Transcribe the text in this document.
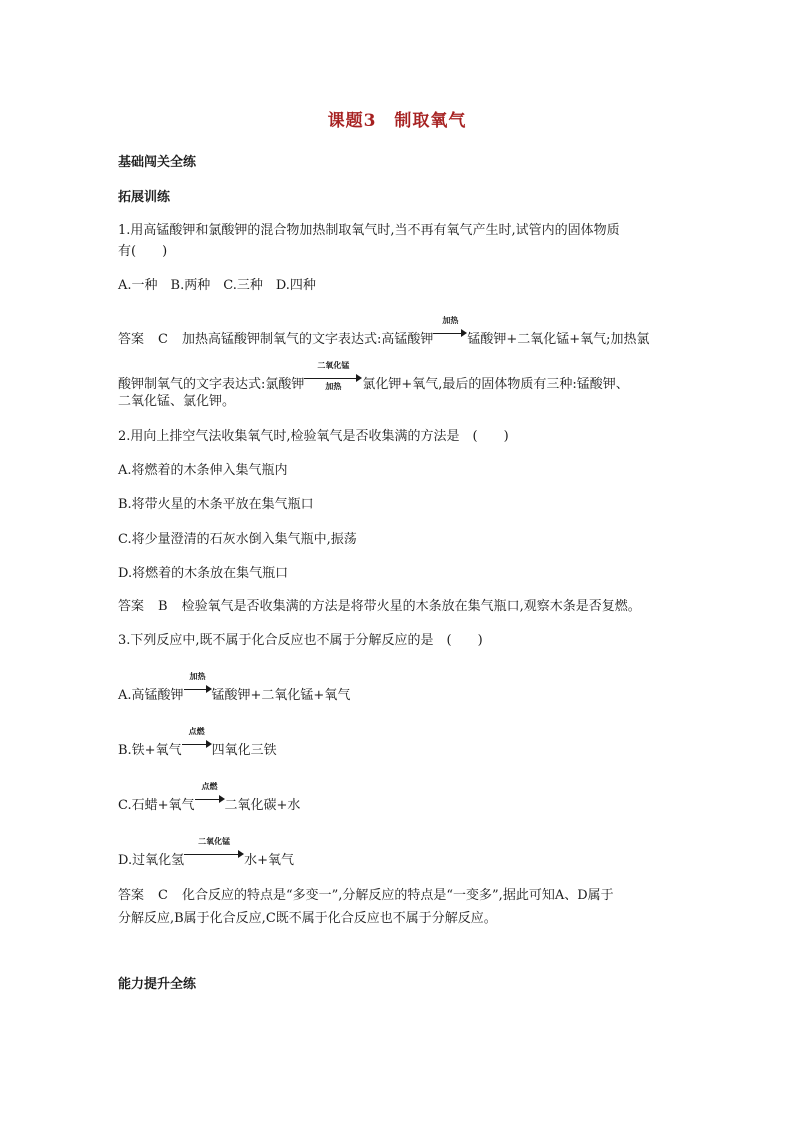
课题3　制取氧气
基础闯关全练
拓展训练
1.用高锰酸钾和氯酸钾的混合物加热制取氧气时,当不再有氧气产生时,试管内的固体物质
有(　　)
A.一种　B.两种　C.三种　D.四种
答案 C 加热高锰酸钾制氧气的文字表达式:高锰酸钾
加热
锰酸钾+二氧化锰+氧气;加热氯
酸钾制氧气的文字表达式:氯酸钾
二氧化锰
加热	氯化钾+氧气,最后的固体物质有三种:锰酸钾、
二氧化锰、氯化钾。
2.用向上排空气法收集氧气时,检验氧气是否收集满的方法是　(　　)
A.将燃着的木条伸入集气瓶内
B.将带火星的木条平放在集气瓶口
C.将少量澄清的石灰水倒入集气瓶中,振荡
D.将燃着的木条放在集气瓶口
答案 B 检验氧气是否收集满的方法是将带火星的木条放在集气瓶口,观察木条是否复燃。
3.下列反应中,既不属于化合反应也不属于分解反应的是　(　　)
A.高锰酸钾
加热
锰酸钾+二氧化锰+氧气
B.铁+氧气
点燃
四氧化三铁
C.石蜡+氧气
点燃
二氧化碳+水
D.过氧化氢
二氧化锰
水+氧气
答案 C 化合反应的特点是“多变一”,分解反应的特点是“一变多”,据此可知A、D属于
分解反应,B属于化合反应,C既不属于化合反应也不属于分解反应。
能力提升全练
